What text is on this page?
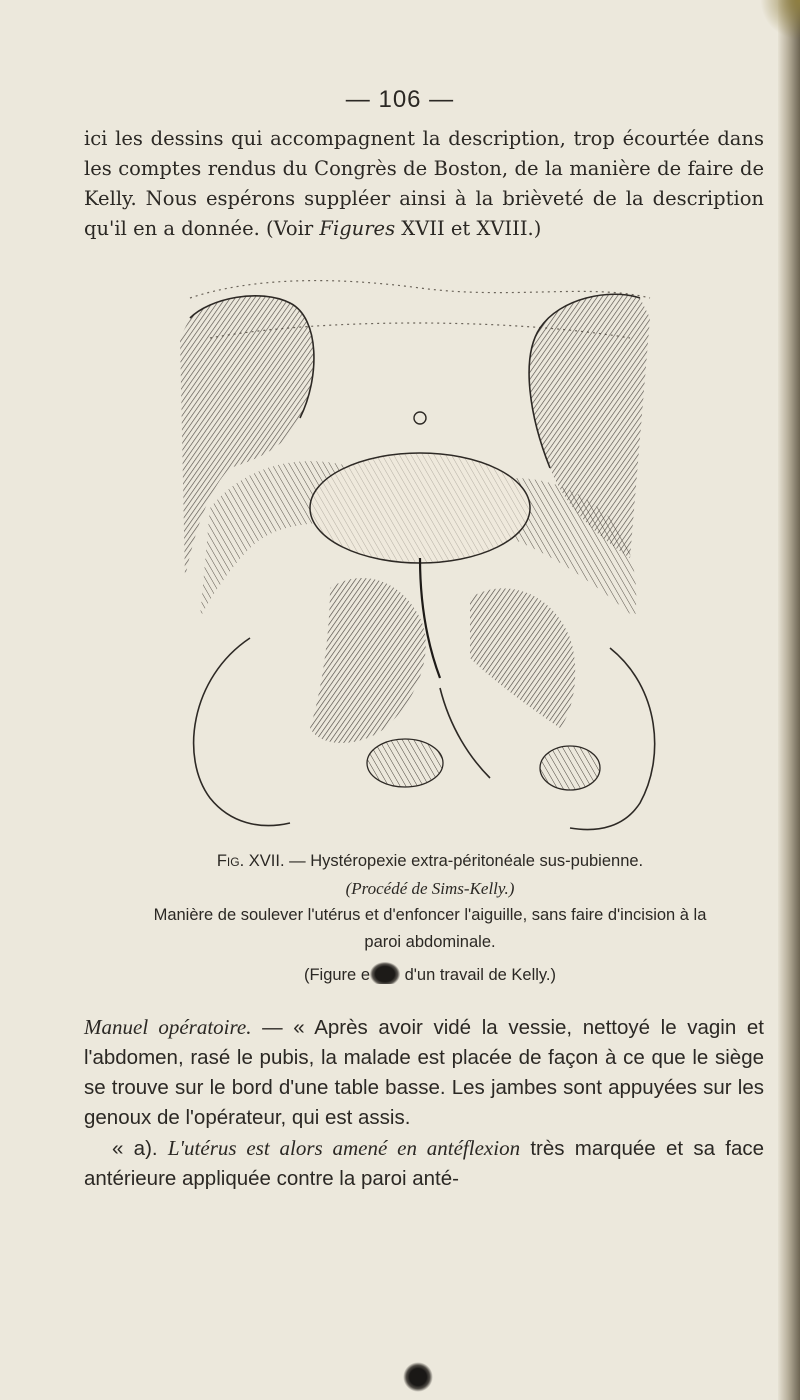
— 106 —

ici les dessins qui accompagnent la description, trop écourtée dans les comptes rendus du Congrès de Boston, de la manière de faire de Kelly. Nous espérons suppléer ainsi à la brièveté de la description qu'il en a donnée. (Voir Figures XVII et XVIII.)

Fig. XVII. — Hystéropexie extra-péritonéale sus-pubienne.
(Procédé de Sims-Kelly.)
Manière de soulever l'utérus et d'enfoncer l'aiguille, sans faire d'incision à la paroi abdominale.
(Figure e d'un travail de Kelly.)

Manuel opératoire. — « Après avoir vidé la vessie, nettoyé le vagin et l'abdomen, rasé le pubis, la malade est placée de façon à ce que le siège se trouve sur le bord d'une table basse. Les jambes sont appuyées sur les genoux de l'opérateur, qui est assis.

« a). L'utérus est alors amené en antéflexion très marquée et sa face antérieure appliquée contre la paroi anté-
